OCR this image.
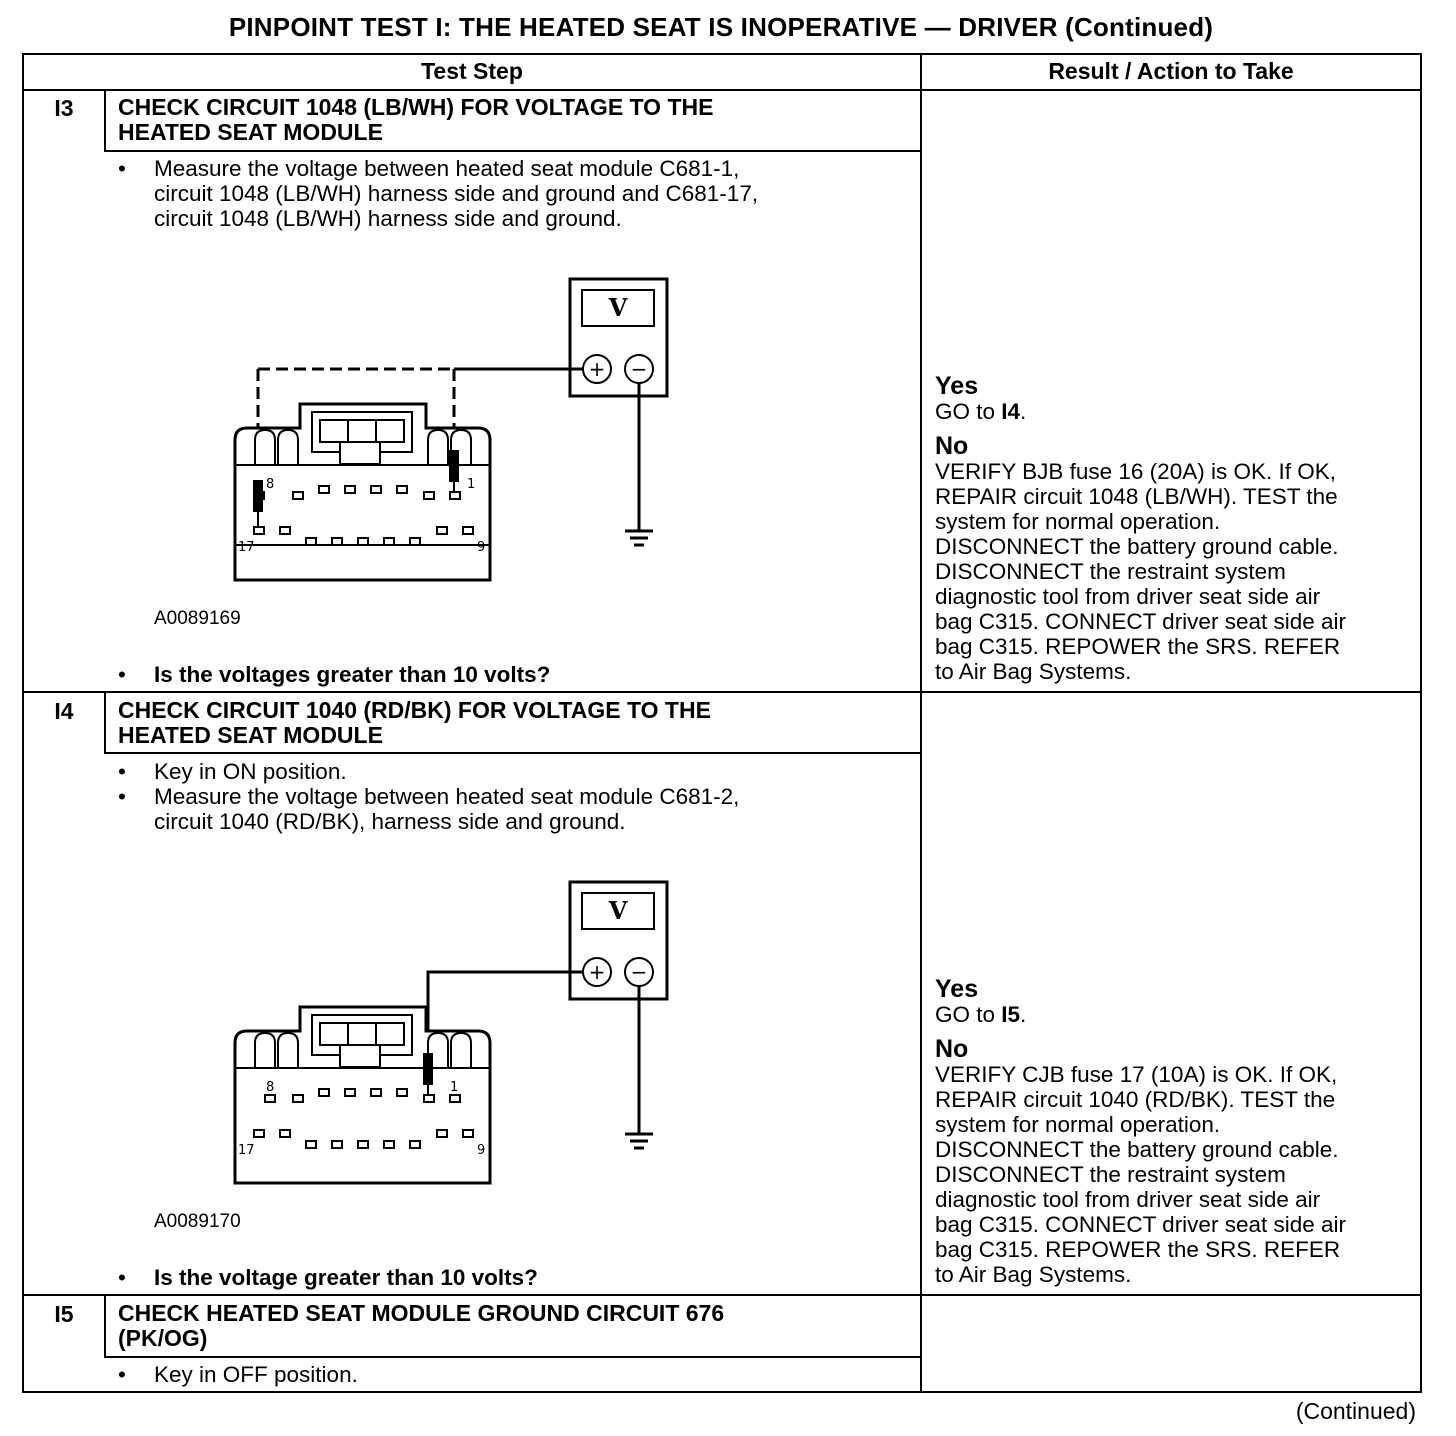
PINPOINT TEST I: THE HEATED SEAT IS INOPERATIVE — DRIVER (Continued)
Test Step	Result / Action to Take
I3	CHECK CIRCUIT 1048 (LB/WH) FOR VOLTAGE TO THE
HEATED SEAT MODULE
• Measure the voltage between heated seat module C681-1,
circuit 1048 (LB/WH) harness side and ground and C681-17,
circuit 1048 (LB/WH) harness side and ground.
V
+ −
8	1
17	9
A0089169
• Is the voltages greater than 10 volts?
Yes
GO to I4.
No
VERIFY BJB fuse 16 (20A) is OK. If OK,
REPAIR circuit 1048 (LB/WH). TEST the
system for normal operation.
DISCONNECT the battery ground cable.
DISCONNECT the restraint system
diagnostic tool from driver seat side air
bag C315. CONNECT driver seat side air
bag C315. REPOWER the SRS. REFER
to Air Bag Systems.
I4	CHECK CIRCUIT 1040 (RD/BK) FOR VOLTAGE TO THE
HEATED SEAT MODULE
• Key in ON position.
• Measure the voltage between heated seat module C681-2,
circuit 1040 (RD/BK), harness side and ground.
V
+ −
8	1
17	9
A0089170
• Is the voltage greater than 10 volts?
Yes
GO to I5.
No
VERIFY CJB fuse 17 (10A) is OK. If OK,
REPAIR circuit 1040 (RD/BK). TEST the
system for normal operation.
DISCONNECT the battery ground cable.
DISCONNECT the restraint system
diagnostic tool from driver seat side air
bag C315. CONNECT driver seat side air
bag C315. REPOWER the SRS. REFER
to Air Bag Systems.
I5	CHECK HEATED SEAT MODULE GROUND CIRCUIT 676
(PK/OG)
• Key in OFF position.
(Continued)
